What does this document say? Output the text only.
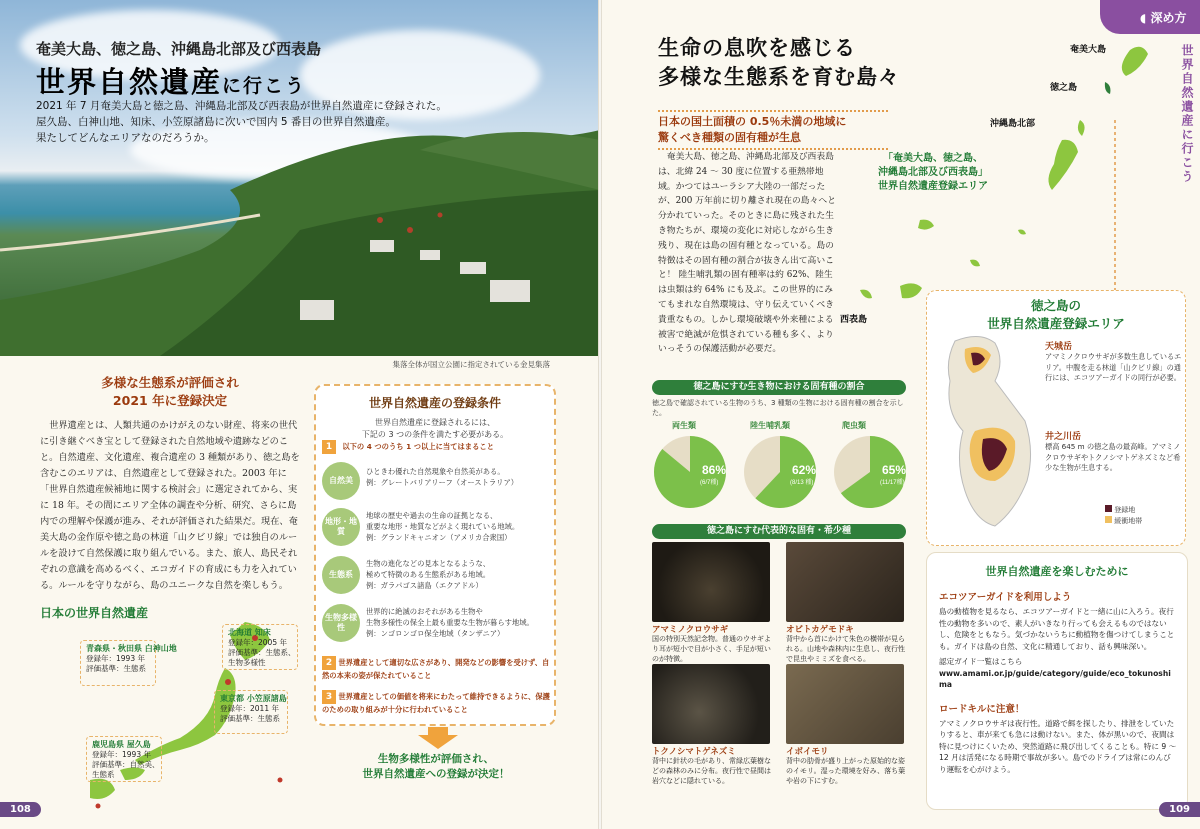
奄美大島、徳之島、沖縄島北部及び西表島
世界自然遺産に行こう
2021 年 7 月奄美大島と徳之島、沖縄島北部及び西表島が世界自然遺産に登録された。
屋久島、白神山地、知床、小笠原諸島に次いで国内 5 番目の世界自然遺産。
果たしてどんなエリアなのだろうか。
集落全体が国立公園に指定されている金見集落
多様な生態系が評価され
2021 年に登録決定

世界遺産とは、人類共通のかけがえのない財産、将来の世代に引き継ぐべき宝として登録された自然地域や遺跡などのこと。自然遺産、文化遺産、複合遺産の 3 種類があり、徳之島を含むこのエリアは、自然遺産として登録された。2003 年に「世界自然遺産候補地に関する検討会」に選定されてから、実に 18 年。その間にエリア全体の調査や分析、研究、さらに島内での理解や保護が進み、それが評価された結果だ。現在、奄美大島の金作原や徳之島の林道「山クビリ線」では独自のルールを設けて自然保護に取り組んでいる。また、旅人、島民それぞれの意識を高めるべく、エコガイドの育成にも力を入れている。ルールを守りながら、島のユニークな自然を楽しもう。

日本の世界自然遺産
北海道 知床
登録年：2005 年
評価基準：生態系、
生物多様性
青森県・秋田県 白神山地
登録年：1993 年
評価基準：生態系
東京都 小笠原諸島
登録年：2011 年
評価基準：生態系
鹿児島県 屋久島
登録年：1993 年
評価基準：自然美、
生態系
世界自然遺産の登録条件
世界自然遺産に登録されるには、
下記の 3 つの条件を満たす必要がある。
1 以下の 4 つのうち 1 つ以上に当てはまること
自然美
ひときわ優れた自然現象や自然美がある。
例：グレートバリアリーフ（オーストラリア）
地形・地質
地球の歴史や過去の生命の証拠となる、
重要な地形・地質などがよく現れている地域。
例：グランドキャニオン（アメリカ合衆国）
生態系
生物の進化などの見本となるような、
極めて特徴のある生態系がある地域。
例：ガラパゴス諸島（エクアドル）
生物多様性
世界的に絶滅のおそれがある生物や
生物多様性の保全上最も重要な生物が暮らす地域。
例：ンゴロンゴロ保全地域（タンザニア）
2 世界遺産として適切な広さがあり、開発などの影響を受けず、自然の本来の姿が保たれていること
3 世界遺産としての価値を将来にわたって維持できるように、保護のための取り組みが十分に行われていること
生物多様性が評価され、
世界自然遺産への登録が決定！
108
◖ 深め方
世界自然遺産に行こう
生命の息吹を感じる
多様な生態系を育む島々
日本の国土面積の 0.5％未満の地域に
驚くべき種類の固有種が生息

奄美大島、徳之島、沖縄島北部及び西表島は、北緯 24 〜 30 度に位置する亜熱帯地域。かつてはユーラシア大陸の一部だったが、200 万年前に切り離され現在の島々へと分かれていった。そのときに島に残された生き物たちが、環境の変化に対応しながら生き残り、現在は島の固有種となっている。島の特徴はその固有種の割合が抜きん出て高いこと！ 陸生哺乳類の固有種率は約 62%、陸生は虫類は約 64% にも及ぶ。この世界的にみてもまれな自然環境は、守り伝えていくべき貴重なもの。しかし環境破壊や外来種による被害で絶滅が危惧されている種も多く、よりいっそうの保護活動が必要だ。

奄美大島
徳之島
沖縄島北部
西表島
「奄美大島、徳之島、
沖縄島北部及び西表島」
世界自然遺産登録エリア
徳之島にすむ生き物における固有種の割合
徳之島で確認されている生物のうち、3 種類の生物における固有種の割合を示した。
両生類	陸生哺乳類	爬虫類
86%
(6/7種)
62%
(8/13 種)
65%
(11/17種)
徳之島にすむ代表的な固有・希少種
アマミノクロウサギ
国の特別天然記念物。普通のウサギより耳が短小で目が小さく、手足が短いのが特徴。
オビトカゲモドキ
背中から首にかけて朱色の横帯が見られる。山地や森林内に生息し、夜行性で昆虫やミミズを食べる。
トクノシマトゲネズミ
背中に針状の毛があり、常緑広葉樹などの森林のみに分布。夜行性で昼間は岩穴などに隠れている。
イボイモリ
背中の肋骨が盛り上がった原始的な姿のイモリ。湿った環境を好み、落ち葉や岩の下にすむ。
徳之島の
世界自然遺産登録エリア
天城岳
アマミノクロウサギが多数生息しているエリア。中腹を走る林道「山クビリ線」の通行には、エコツアーガイドの同行が必要。
井之川岳
標高 645 m の徳之島の最高峰。アマミノクロウサギやトクノシマトゲネズミなど希少な生物が生息する。
登録地
緩衝地帯
世界自然遺産を楽しむために
エコツアーガイドを利用しよう

島の動植物を見るなら、エコツアーガイドと一緒に山に入ろう。夜行性の動物を多いので、素人がいきなり行っても会えるものではないし、危険をともなう。気づかないうちに動植物を傷つけてしまうことも。ガイドは島の自然、文化に精通しており、話も興味深い。

認定ガイド一覧はこちら

www.amami.or.jp/guide/category/guide/eco_tokunoshima

ロードキルに注意！

アマミノクロウサギは夜行性。道路で餌を探したり、排泄をしていたりすると、車が来ても急には動けない。また、体が黒いので、夜間は特に見つけにくいため、突然道路に飛び出してくることも。特に 9 〜 12 月は活発になる時期で事故が多い。島でのドライブは常にのんびり運転を心がけよう。

109
